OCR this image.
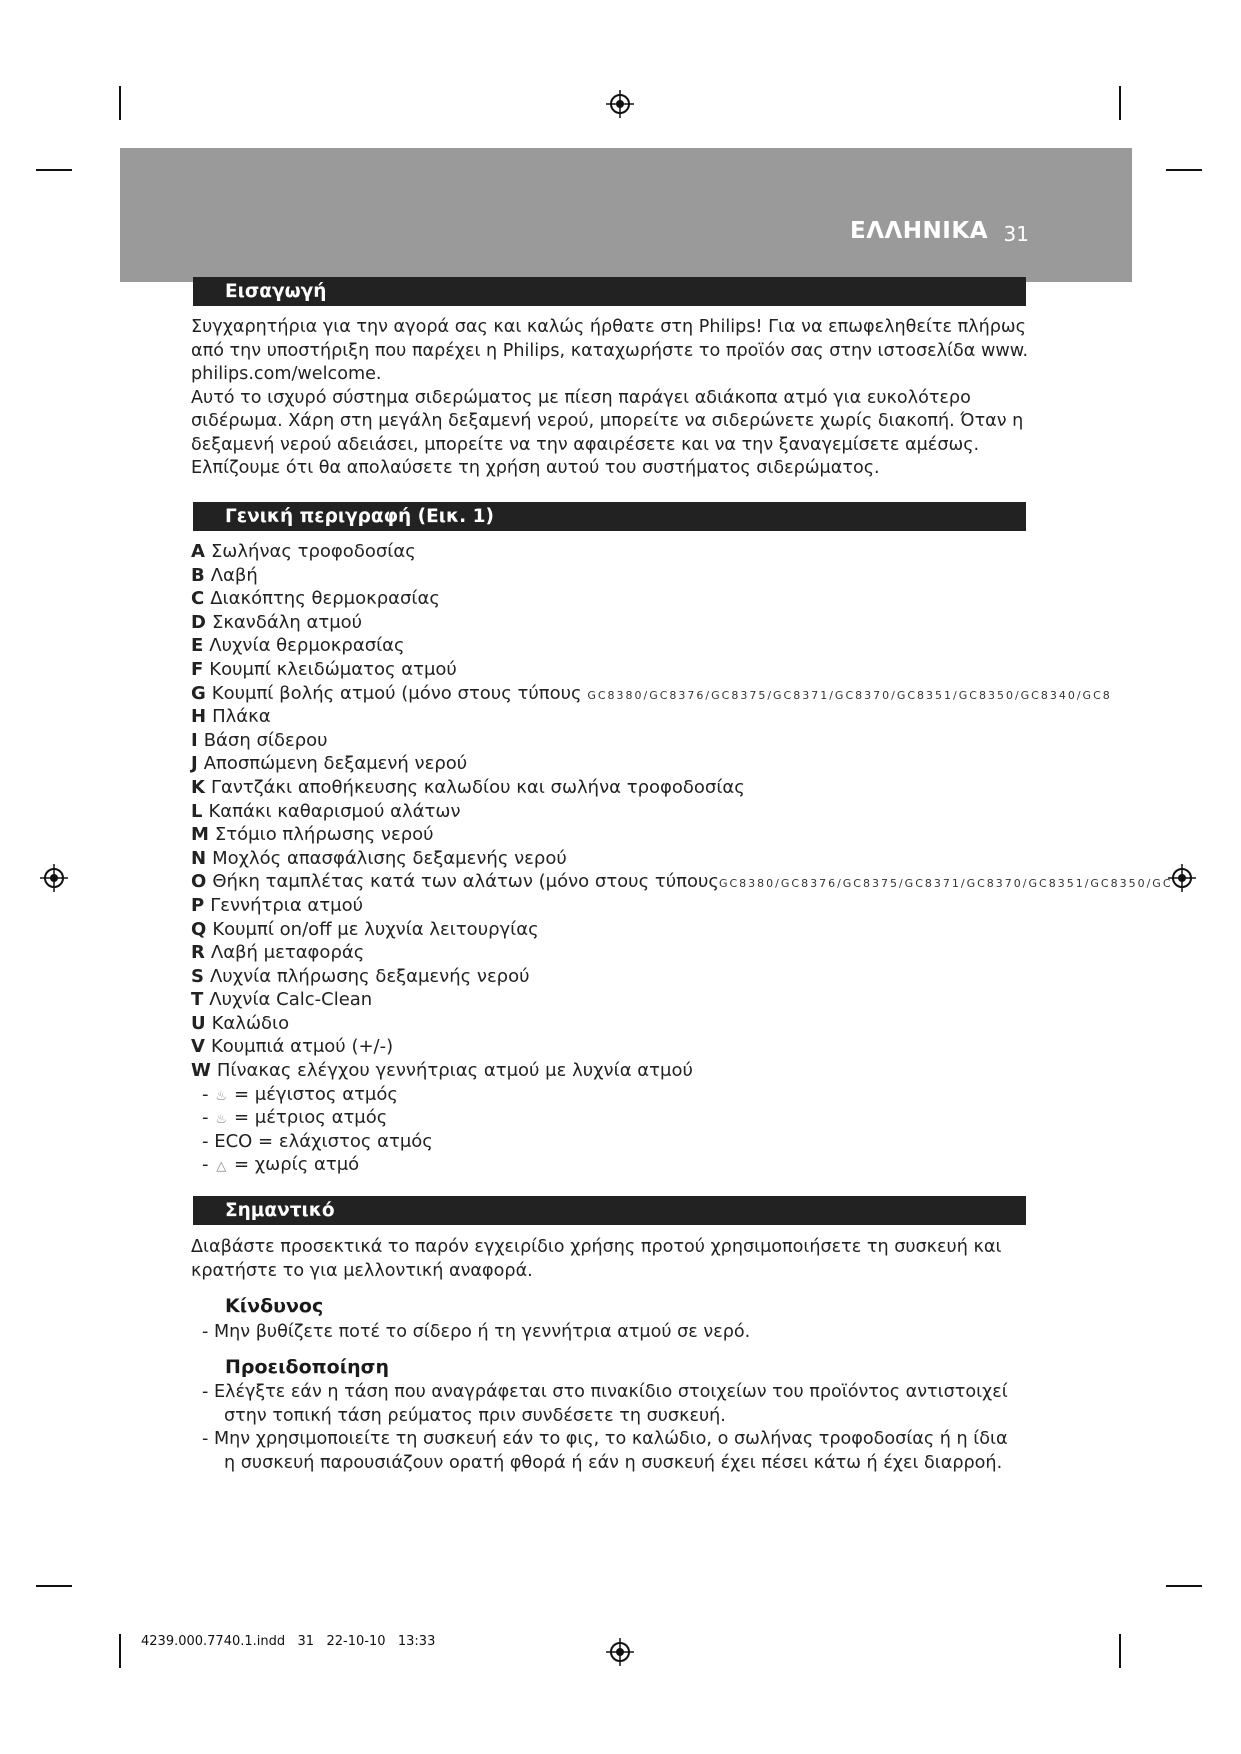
ΕΛΛΗΝΙΚΑ 31
Εισαγωγή
Συγχαρητήρια για την αγορά σας και καλώς ήρθατε στη Philips! Για να επωφεληθείτε πλήρως
από την υποστήριξη που παρέχει η Philips, καταχωρήστε το προϊόν σας στην ιστοσελίδα www.
philips.com/welcome.
Αυτό το ισχυρό σύστημα σιδερώματος με πίεση παράγει αδιάκοπα ατμό για ευκολότερο
σιδέρωμα. Χάρη στη μεγάλη δεξαμενή νερού, μπορείτε να σιδερώνετε χωρίς διακοπή. Όταν η
δεξαμενή νερού αδειάσει, μπορείτε να την αφαιρέσετε και να την ξαναγεμίσετε αμέσως.
Ελπίζουμε ότι θα απολαύσετε τη χρήση αυτού του συστήματος σιδερώματος.
Γενική περιγραφή (Εικ. 1)
A Σωλήνας τροφοδοσίας
B Λαβή
C Διακόπτης θερμοκρασίας
D Σκανδάλη ατμού
E Λυχνία θερμοκρασίας
F Κουμπί κλειδώματος ατμού
G Κουμπί βολής ατμού (μόνο στους τύπους GC8380/GC8376/GC8375/GC8371/GC8370/GC8351/GC8350/GC8340/GC8
H Πλάκα
I Βάση σίδερου
J Αποσπώμενη δεξαμενή νερού
K Γαντζάκι αποθήκευσης καλωδίου και σωλήνα τροφοδοσίας
L Καπάκι καθαρισμού αλάτων
M Στόμιο πλήρωσης νερού
N Μοχλός απασφάλισης δεξαμενής νερού
O Θήκη ταμπλέτας κατά των αλάτων (μόνο στους τύπουςGC8380/GC8376/GC8375/GC8371/GC8370/GC8351/GC8350/GC
P Γεννήτρια ατμού
Q Κουμπί on/off με λυχνία λειτουργίας
R Λαβή μεταφοράς
S Λυχνία πλήρωσης δεξαμενής νερού
T Λυχνία Calc-Clean
U Καλώδιο
V Κουμπιά ατμού (+/-)
W Πίνακας ελέγχου γεννήτριας ατμού με λυχνία ατμού
- ♨ = μέγιστος ατμός
- ♨ = μέτριος ατμός
- ECO = ελάχιστος ατμός
- △ = χωρίς ατμό
Σημαντικό
Διαβάστε προσεκτικά το παρόν εγχειρίδιο χρήσης προτού χρησιμοποιήσετε τη συσκευή και
κρατήστε το για μελλοντική αναφορά.
Κίνδυνος
- Μην βυθίζετε ποτέ το σίδερο ή τη γεννήτρια ατμού σε νερό.
Προειδοποίηση
- Ελέγξτε εάν η τάση που αναγράφεται στο πινακίδιο στοιχείων του προϊόντος αντιστοιχεί
στην τοπική τάση ρεύματος πριν συνδέσετε τη συσκευή.
- Μην χρησιμοποιείτε τη συσκευή εάν το φις, το καλώδιο, ο σωλήνας τροφοδοσίας ή η ίδια
η συσκευή παρουσιάζουν ορατή φθορά ή εάν η συσκευή έχει πέσει κάτω ή έχει διαρροή.
4239.000.7740.1.indd   31   22-10-10   13:33
